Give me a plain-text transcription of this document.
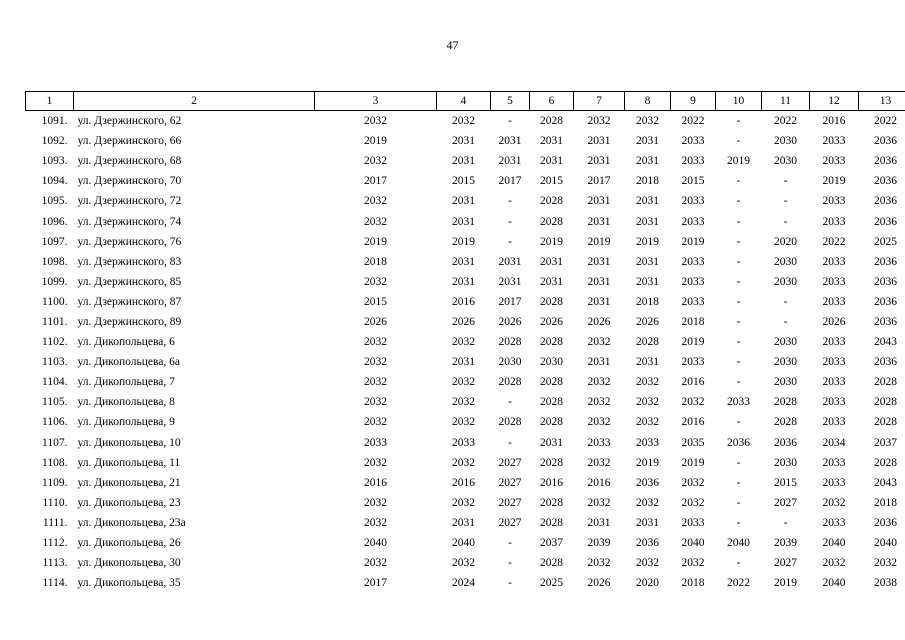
47
1	2	3	4	5	6	7	8	9	10	11	12	13
1091.	ул. Дзержинского, 62	2032	2032	-	2028	2032	2032	2022	-	2022	2016	2022
1092.	ул. Дзержинского, 66	2019	2031	2031	2031	2031	2031	2033	-	2030	2033	2036
1093.	ул. Дзержинского, 68	2032	2031	2031	2031	2031	2031	2033	2019	2030	2033	2036
1094.	ул. Дзержинского, 70	2017	2015	2017	2015	2017	2018	2015	-	-	2019	2036
1095.	ул. Дзержинского, 72	2032	2031	-	2028	2031	2031	2033	-	-	2033	2036
1096.	ул. Дзержинского, 74	2032	2031	-	2028	2031	2031	2033	-	-	2033	2036
1097.	ул. Дзержинского, 76	2019	2019	-	2019	2019	2019	2019	-	2020	2022	2025
1098.	ул. Дзержинского, 83	2018	2031	2031	2031	2031	2031	2033	-	2030	2033	2036
1099.	ул. Дзержинского, 85	2032	2031	2031	2031	2031	2031	2033	-	2030	2033	2036
1100.	ул. Дзержинского, 87	2015	2016	2017	2028	2031	2018	2033	-	-	2033	2036
1101.	ул. Дзержинского, 89	2026	2026	2026	2026	2026	2026	2018	-	-	2026	2036
1102.	ул. Дикопольцева, 6	2032	2032	2028	2028	2032	2028	2019	-	2030	2033	2043
1103.	ул. Дикопольцева, 6а	2032	2031	2030	2030	2031	2031	2033	-	2030	2033	2036
1104.	ул. Дикопольцева, 7	2032	2032	2028	2028	2032	2032	2016	-	2030	2033	2028
1105.	ул. Дикопольцева, 8	2032	2032	-	2028	2032	2032	2032	2033	2028	2033	2028
1106.	ул. Дикопольцева, 9	2032	2032	2028	2028	2032	2032	2016	-	2028	2033	2028
1107.	ул. Дикопольцева, 10	2033	2033	-	2031	2033	2033	2035	2036	2036	2034	2037
1108.	ул. Дикопольцева, 11	2032	2032	2027	2028	2032	2019	2019	-	2030	2033	2028
1109.	ул. Дикопольцева, 21	2016	2016	2027	2016	2016	2036	2032	-	2015	2033	2043
1110.	ул. Дикопольцева, 23	2032	2032	2027	2028	2032	2032	2032	-	2027	2032	2018
1111.	ул. Дикопольцева, 23а	2032	2031	2027	2028	2031	2031	2033	-	-	2033	2036
1112.	ул. Дикопольцева, 26	2040	2040	-	2037	2039	2036	2040	2040	2039	2040	2040
1113.	ул. Дикопольцева, 30	2032	2032	-	2028	2032	2032	2032	-	2027	2032	2032
1114.	ул. Дикопольцева, 35	2017	2024	-	2025	2026	2020	2018	2022	2019	2040	2038
